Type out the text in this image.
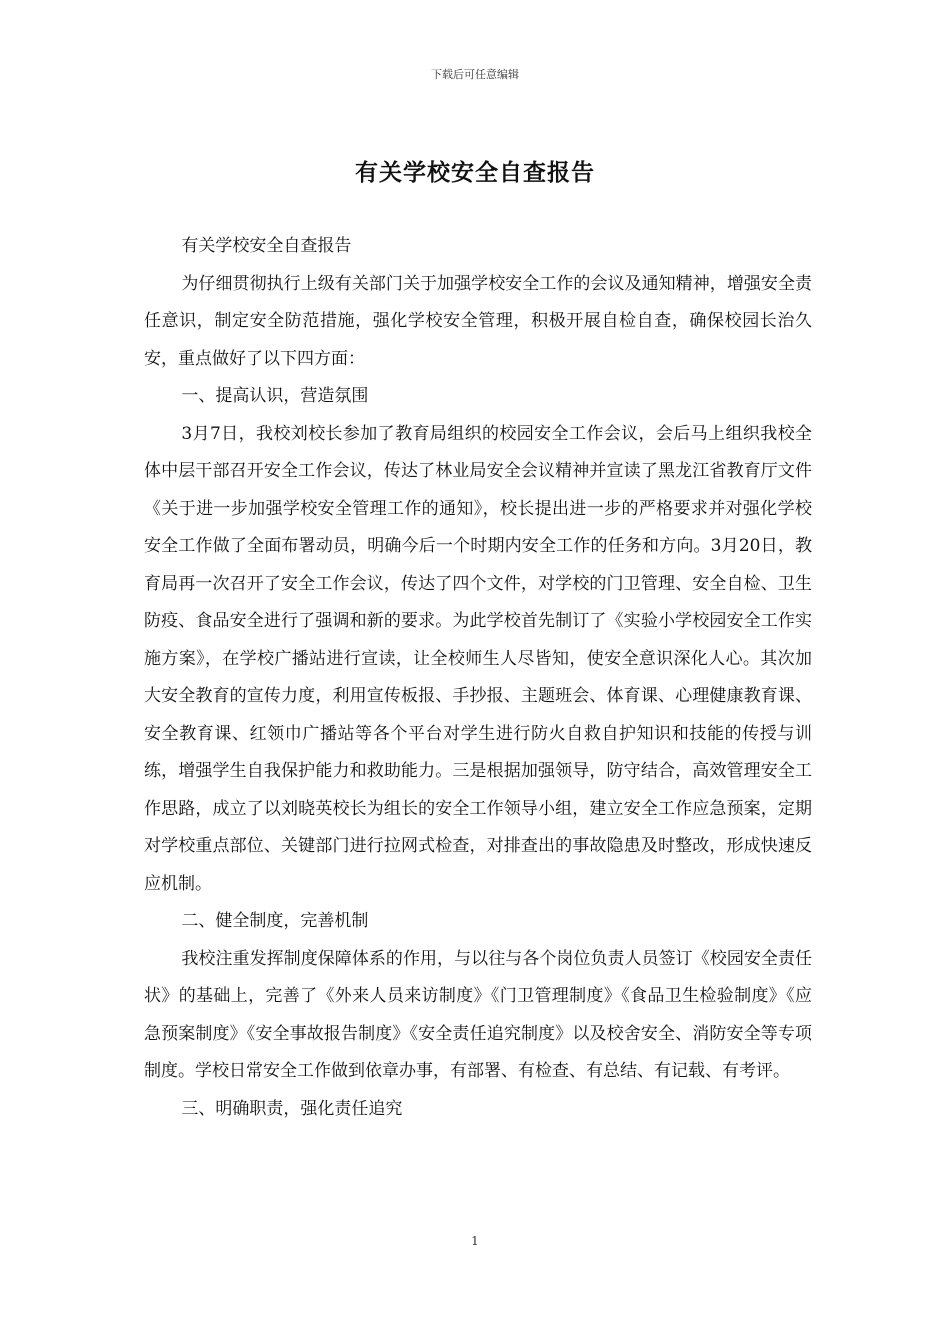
下载后可任意编辑
有关学校安全自查报告

有关学校安全自查报告

为仔细贯彻执行上级有关部门关于加强学校安全工作的会议及通知精神，增强安全责任意识，制定安全防范措施，强化学校安全管理，积极开展自检自查，确保校园长治久安，重点做好了以下四方面：

一、提高认识，营造氛围

3月7日，我校刘校长参加了教育局组织的校园安全工作会议，会后马上组织我校全体中层干部召开安全工作会议，传达了林业局安全会议精神并宣读了黑龙江省教育厅文件《关于进一步加强学校安全管理工作的通知》，校长提出进一步的严格要求并对强化学校安全工作做了全面布署动员，明确今后一个时期内安全工作的任务和方向。3月20日，教育局再一次召开了安全工作会议，传达了四个文件，对学校的门卫管理、安全自检、卫生防疫、食品安全进行了强调和新的要求。为此学校首先制订了《实验小学校园安全工作实施方案》，在学校广播站进行宣读，让全校师生人尽皆知，使安全意识深化人心。其次加大安全教育的宣传力度，利用宣传板报、手抄报、主题班会、体育课、心理健康教育课、安全教育课、红领巾广播站等各个平台对学生进行防火自救自护知识和技能的传授与训练，增强学生自我保护能力和救助能力。三是根据加强领导，防守结合，高效管理安全工作思路，成立了以刘晓英校长为组长的安全工作领导小组，建立安全工作应急预案，定期对学校重点部位、关键部门进行拉网式检查，对排查出的事故隐患及时整改，形成快速反应机制。

二、健全制度，完善机制

我校注重发挥制度保障体系的作用，与以往与各个岗位负责人员签订《校园安全责任状》的基础上，完善了《外来人员来访制度》《门卫管理制度》《食品卫生检验制度》《应急预案制度》《安全事故报告制度》《安全责任追究制度》以及校舍安全、消防安全等专项制度。学校日常安全工作做到依章办事，有部署、有检查、有总结、有记载、有考评。

三、明确职责，强化责任追究

1
